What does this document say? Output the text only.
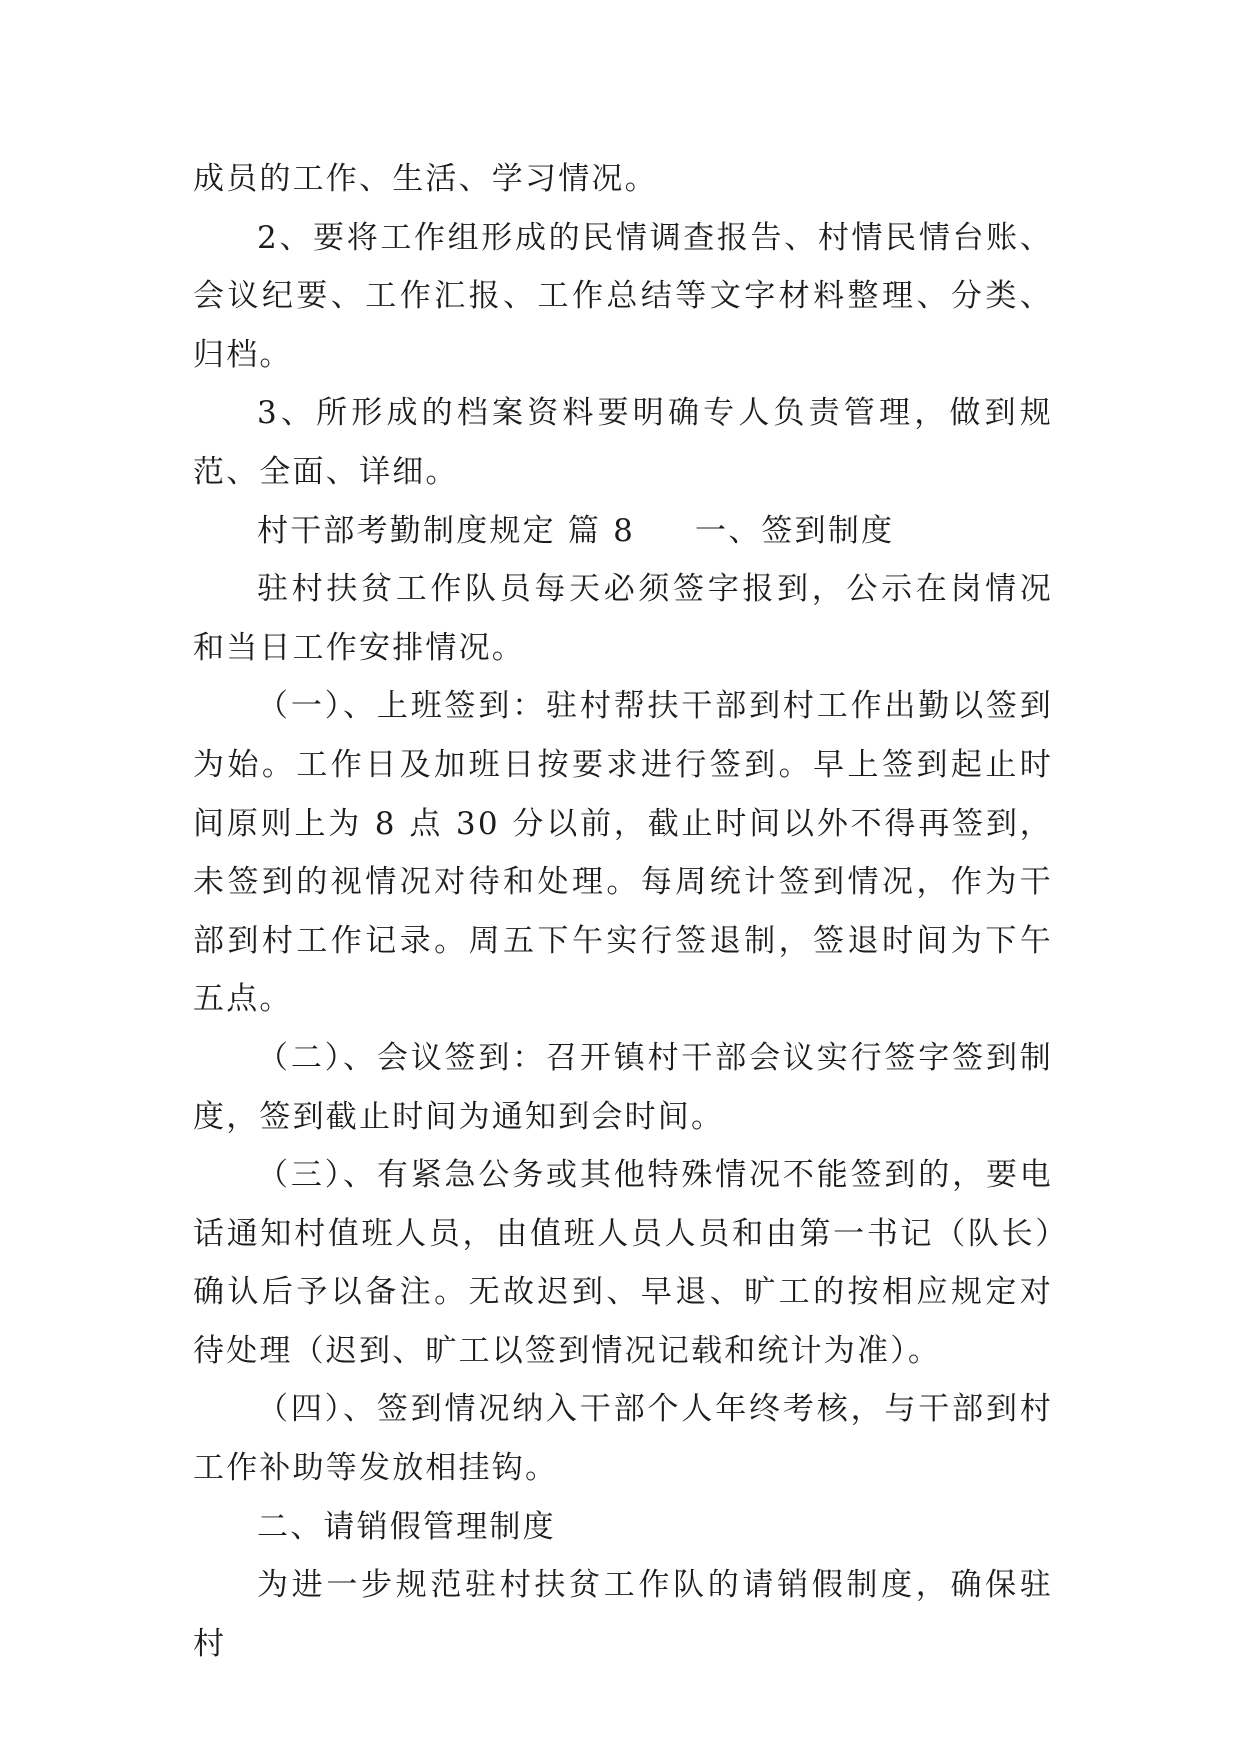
成员的工作、生活、学习情况。

2、要将工作组形成的民情调查报告、村情民情台账、会议纪要、工作汇报、工作总结等文字材料整理、分类、归档。

3、所形成的档案资料要明确专人负责管理，做到规范、全面、详细。

村干部考勤制度规定 篇 8 一、签到制度

驻村扶贫工作队员每天必须签字报到，公示在岗情况和当日工作安排情况。

（一）、上班签到：驻村帮扶干部到村工作出勤以签到为始。工作日及加班日按要求进行签到。早上签到起止时间原则上为 8 点 30 分以前，截止时间以外不得再签到，未签到的视情况对待和处理。每周统计签到情况，作为干部到村工作记录。周五下午实行签退制，签退时间为下午五点。

（二）、会议签到：召开镇村干部会议实行签字签到制度，签到截止时间为通知到会时间。

（三）、有紧急公务或其他特殊情况不能签到的，要电话通知村值班人员，由值班人员人员和由第一书记（队长）确认后予以备注。无故迟到、早退、旷工的按相应规定对待处理（迟到、旷工以签到情况记载和统计为准）。

（四）、签到情况纳入干部个人年终考核，与干部到村工作补助等发放相挂钩。

二、请销假管理制度

为进一步规范驻村扶贫工作队的请销假制度，确保驻村
